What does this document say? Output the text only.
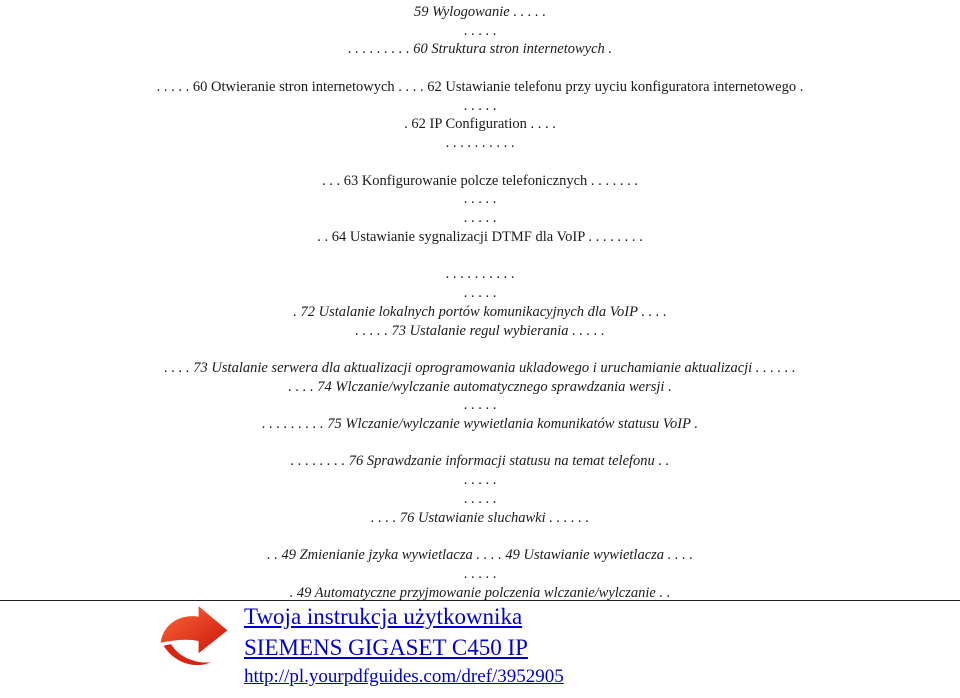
59 Wylogowanie . . . . .
. . . . .
. . . . . . . . . 60 Struktura stron internetowych .
. . . . . 60 Otwieranie stron internetowych . . . . 62 Ustawianie telefonu przy uyciu konfiguratora internetowego .
. . . . .
. 62 IP Configuration . . . .
. . . . . . . . . .
. . . 63 Konfigurowanie polcze telefonicznych . . . . . . .
. . . . .
. . . . .
. . 64 Ustawianie sygnalizacji DTMF dla VoIP . . . . . . . .
. . . . . . . . . .
. . . . .
. 72 Ustalanie lokalnych portów komunikacyjnych dla VoIP . . . .
. . . . . 73 Ustalanie regul wybierania . . . . .
. . . . 73 Ustalanie serwera dla aktualizacji oprogramowania ukladowego i uruchamianie aktualizacji . . . . . .
. . . . 74 Wlczanie/wylczanie automatycznego sprawdzania wersji .
. . . . .
. . . . . . . . . 75 Wlczanie/wylczanie wywietlania komunikatów statusu VoIP .
. . . . . . . . 76 Sprawdzanie informacji statusu na temat telefonu . .
. . . . .
. . . . .
. . . . 76 Ustawianie sluchawki . . . . . .
. . 49 Zmienianie jzyka wywietlacza . . . . 49 Ustawianie wywietlacza . . . .
. . . . .
. 49 Automatyczne przyjmowanie polczenia wlczanie/wylczanie . .
Twoja instrukcja użytkownika
SIEMENS GIGASET C450 IP
http://pl.yourpdfguides.com/dref/3952905
